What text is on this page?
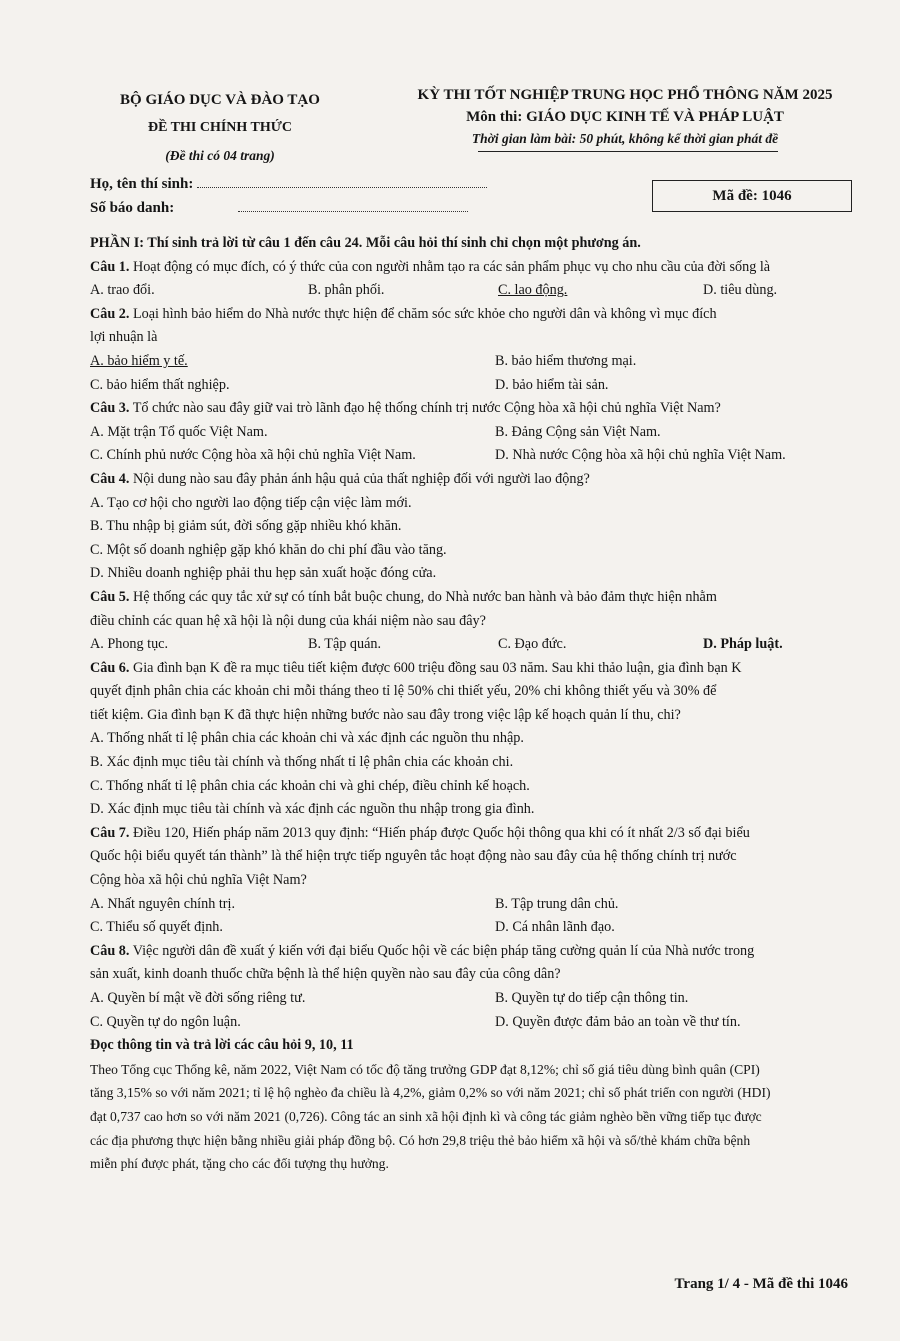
BỘ GIÁO DỤC VÀ ĐÀO TẠO
ĐỀ THI CHÍNH THỨC
(Đề thi có 04 trang)
KỲ THI TỐT NGHIỆP TRUNG HỌC PHỔ THÔNG NĂM 2025
Môn thi: GIÁO DỤC KINH TẾ VÀ PHÁP LUẬT
Thời gian làm bài: 50 phút, không kể thời gian phát đề
Họ, tên thí sinh:
Số báo danh:
Mã đề: 1046
PHẦN I: Thí sinh trả lời từ câu 1 đến câu 24. Mỗi câu hỏi thí sinh chỉ chọn một phương án.
Câu 1. Hoạt động có mục đích, có ý thức của con người nhằm tạo ra các sản phẩm phục vụ cho nhu cầu của đời sống là
A. trao đổi.	B. phân phối.	C. lao động.	D. tiêu dùng.
Câu 2. Loại hình bảo hiểm do Nhà nước thực hiện để chăm sóc sức khỏe cho người dân và không vì mục đích
lợi nhuận là
A. bảo hiểm y tế.	B. bảo hiểm thương mại.
C. bảo hiểm thất nghiệp.	D. bảo hiểm tài sản.
Câu 3. Tổ chức nào sau đây giữ vai trò lãnh đạo hệ thống chính trị nước Cộng hòa xã hội chủ nghĩa Việt Nam?
A. Mặt trận Tổ quốc Việt Nam.	B. Đảng Cộng sản Việt Nam.
C. Chính phủ nước Cộng hòa xã hội chủ nghĩa Việt Nam.	D. Nhà nước Cộng hòa xã hội chủ nghĩa Việt Nam.
Câu 4. Nội dung nào sau đây phản ánh hậu quả của thất nghiệp đối với người lao động?
A. Tạo cơ hội cho người lao động tiếp cận việc làm mới.
B. Thu nhập bị giảm sút, đời sống gặp nhiều khó khăn.
C. Một số doanh nghiệp gặp khó khăn do chi phí đầu vào tăng.
D. Nhiều doanh nghiệp phải thu hẹp sản xuất hoặc đóng cửa.
Câu 5. Hệ thống các quy tắc xử sự có tính bắt buộc chung, do Nhà nước ban hành và bảo đảm thực hiện nhằm
điều chỉnh các quan hệ xã hội là nội dung của khái niệm nào sau đây?
A. Phong tục.	B. Tập quán.	C. Đạo đức.	D. Pháp luật.
Câu 6. Gia đình bạn K đề ra mục tiêu tiết kiệm được 600 triệu đồng sau 03 năm. Sau khi thảo luận, gia đình bạn K
quyết định phân chia các khoản chi mỗi tháng theo tỉ lệ 50% chi thiết yếu, 20% chi không thiết yếu và 30% để
tiết kiệm. Gia đình bạn K đã thực hiện những bước nào sau đây trong việc lập kế hoạch quản lí thu, chi?
A. Thống nhất tỉ lệ phân chia các khoản chi và xác định các nguồn thu nhập.
B. Xác định mục tiêu tài chính và thống nhất tỉ lệ phân chia các khoản chi.
C. Thống nhất tỉ lệ phân chia các khoản chi và ghi chép, điều chỉnh kế hoạch.
D. Xác định mục tiêu tài chính và xác định các nguồn thu nhập trong gia đình.
Câu 7. Điều 120, Hiến pháp năm 2013 quy định: “Hiến pháp được Quốc hội thông qua khi có ít nhất 2/3 số đại biểu
Quốc hội biểu quyết tán thành” là thể hiện trực tiếp nguyên tắc hoạt động nào sau đây của hệ thống chính trị nước
Cộng hòa xã hội chủ nghĩa Việt Nam?
A. Nhất nguyên chính trị.	B. Tập trung dân chủ.
C. Thiểu số quyết định.	D. Cá nhân lãnh đạo.
Câu 8. Việc người dân đề xuất ý kiến với đại biểu Quốc hội về các biện pháp tăng cường quản lí của Nhà nước trong
sản xuất, kinh doanh thuốc chữa bệnh là thể hiện quyền nào sau đây của công dân?
A. Quyền bí mật về đời sống riêng tư.	B. Quyền tự do tiếp cận thông tin.
C. Quyền tự do ngôn luận.	D. Quyền được đảm bảo an toàn về thư tín.
Đọc thông tin và trả lời các câu hỏi 9, 10, 11
Theo Tổng cục Thống kê, năm 2022, Việt Nam có tốc độ tăng trưởng GDP đạt 8,12%; chỉ số giá tiêu dùng bình quân (CPI)
tăng 3,15% so với năm 2021; tỉ lệ hộ nghèo đa chiều là 4,2%, giảm 0,2% so với năm 2021; chỉ số phát triển con người (HDI)
đạt 0,737 cao hơn so với năm 2021 (0,726). Công tác an sinh xã hội định kì và công tác giảm nghèo bền vững tiếp tục được
các địa phương thực hiện bằng nhiều giải pháp đồng bộ. Có hơn 29,8 triệu thẻ bảo hiểm xã hội và sổ/thẻ khám chữa bệnh
miễn phí được phát, tặng cho các đối tượng thụ hưởng.
Trang 1/ 4 - Mã đề thi 1046
